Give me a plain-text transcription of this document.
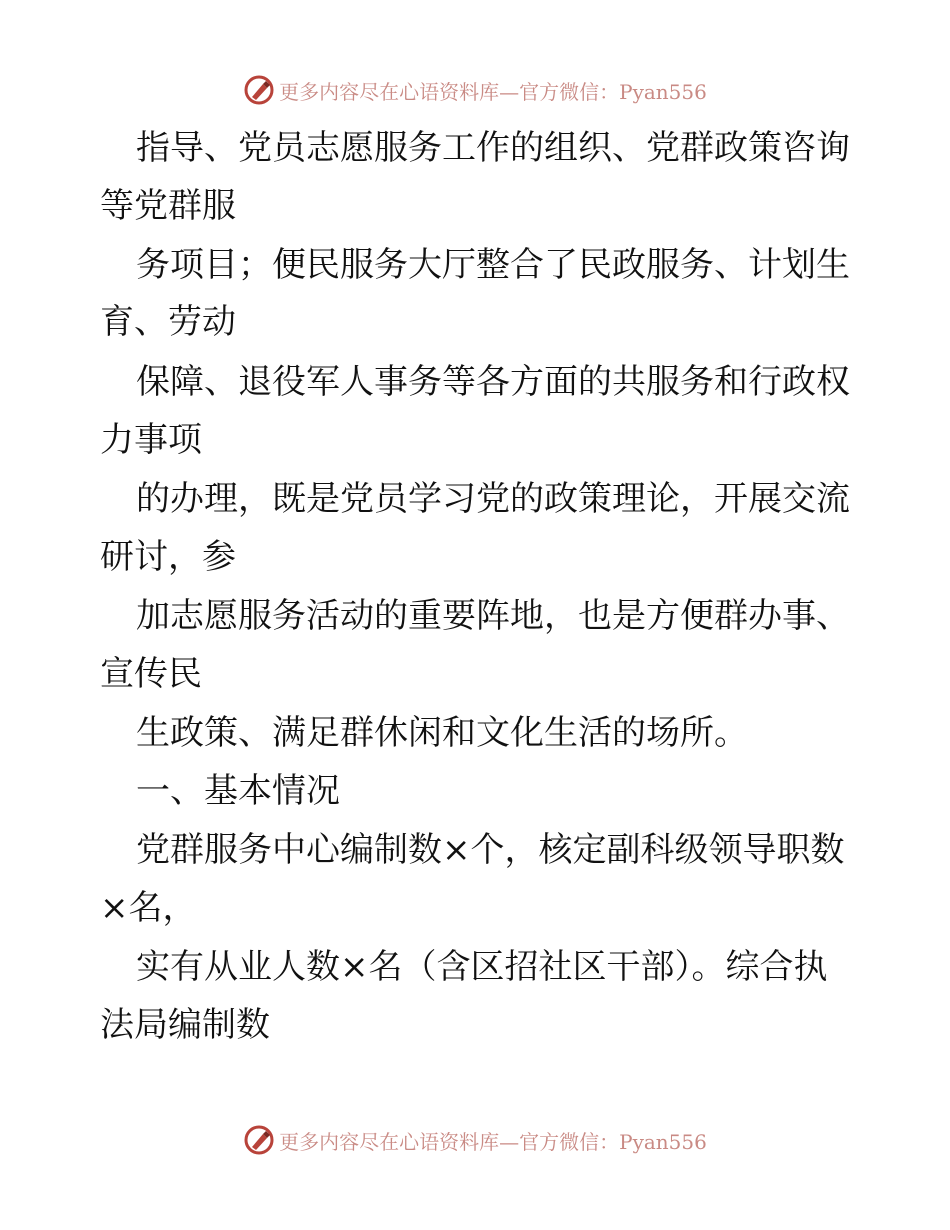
更多内容尽在心语资料库—官方微信：Pyan556
指导、党员志愿服务工作的组织、党群政策咨询
等党群服
务项目；便民服务大厅整合了民政服务、计划生
育、劳动
保障、退役军人事务等各方面的共服务和行政权
力事项
的办理，既是党员学习党的政策理论，开展交流
研讨，参
加志愿服务活动的重要阵地，也是方便群办事、
宣传民
生政策、满足群休闲和文化生活的场所。
一、基本情况
党群服务中心编制数×个，核定副科级领导职数
×名，
实有从业人数×名（含区招社区干部）。综合执
法局编制数
更多内容尽在心语资料库—官方微信：Pyan556
